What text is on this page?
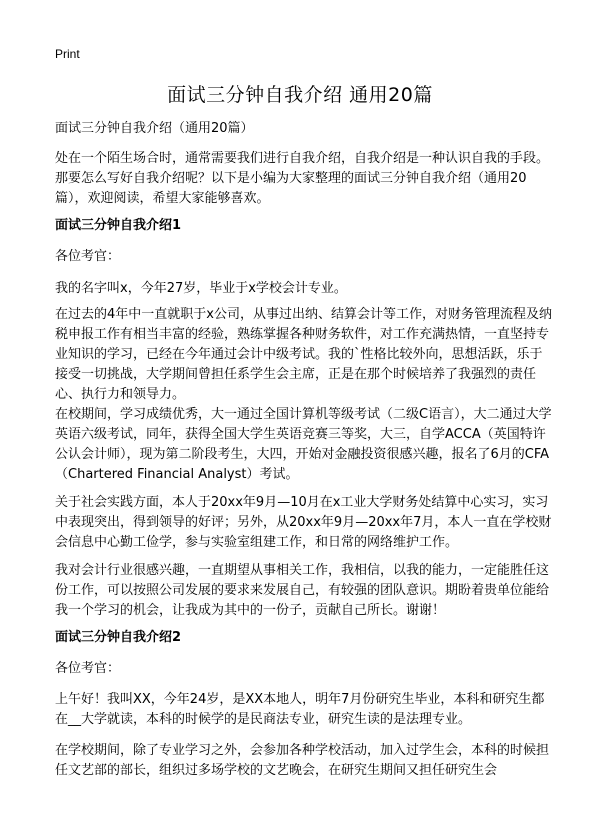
Print
面试三分钟自我介绍 通用20篇

面试三分钟自我介绍（通用20篇）

处在一个陌生场合时，通常需要我们进行自我介绍，自我介绍是一种认识自我的手段。那要怎么写好自我介绍呢？以下是小编为大家整理的面试三分钟自我介绍（通用20篇），欢迎阅读，希望大家能够喜欢。

面试三分钟自我介绍1

各位考官：

我的名字叫x，今年27岁，毕业于x学校会计专业。

在过去的4年中一直就职于x公司，从事过出纳、结算会计等工作，对财务管理流程及纳税申报工作有相当丰富的经验，熟练掌握各种财务软件，对工作充满热情，一直坚持专业知识的学习，已经在今年通过会计中级考试。我的`性格比较外向，思想活跃，乐于接受一切挑战，大学期间曾担任系学生会主席，正是在那个时候培养了我强烈的责任心、执行力和领导力。

在校期间，学习成绩优秀，大一通过全国计算机等级考试（二级C语言），大二通过大学英语六级考试，同年，获得全国大学生英语竞赛三等奖，大三，自学ACCA（英国特许公认会计师），现为第二阶段考生，大四，开始对金融投资很感兴趣，报名了6月的CFA（Chartered Financial Analyst）考试。

关于社会实践方面，本人于20xx年9月—10月在x工业大学财务处结算中心实习，实习中表现突出，得到领导的好评；另外，从20xx年9月—20xx年7月，本人一直在学校财会信息中心勤工俭学，参与实验室组建工作，和日常的网络维护工作。

我对会计行业很感兴趣，一直期望从事相关工作，我相信，以我的能力，一定能胜任这份工作，可以按照公司发展的要求来发展自己，有较强的团队意识。期盼着贵单位能给我一个学习的机会，让我成为其中的一份子，贡献自己所长。谢谢！

面试三分钟自我介绍2

各位考官：

上午好！我叫XX，今年24岁，是XX本地人，明年7月份研究生毕业，本科和研究生都在__大学就读，本科的时候学的是民商法专业，研究生读的是法理专业。

在学校期间，除了专业学习之外，会参加各种学校活动，加入过学生会，本科的时候担任文艺部的部长，组织过多场学校的文艺晚会，在研究生期间又担任研究生会
